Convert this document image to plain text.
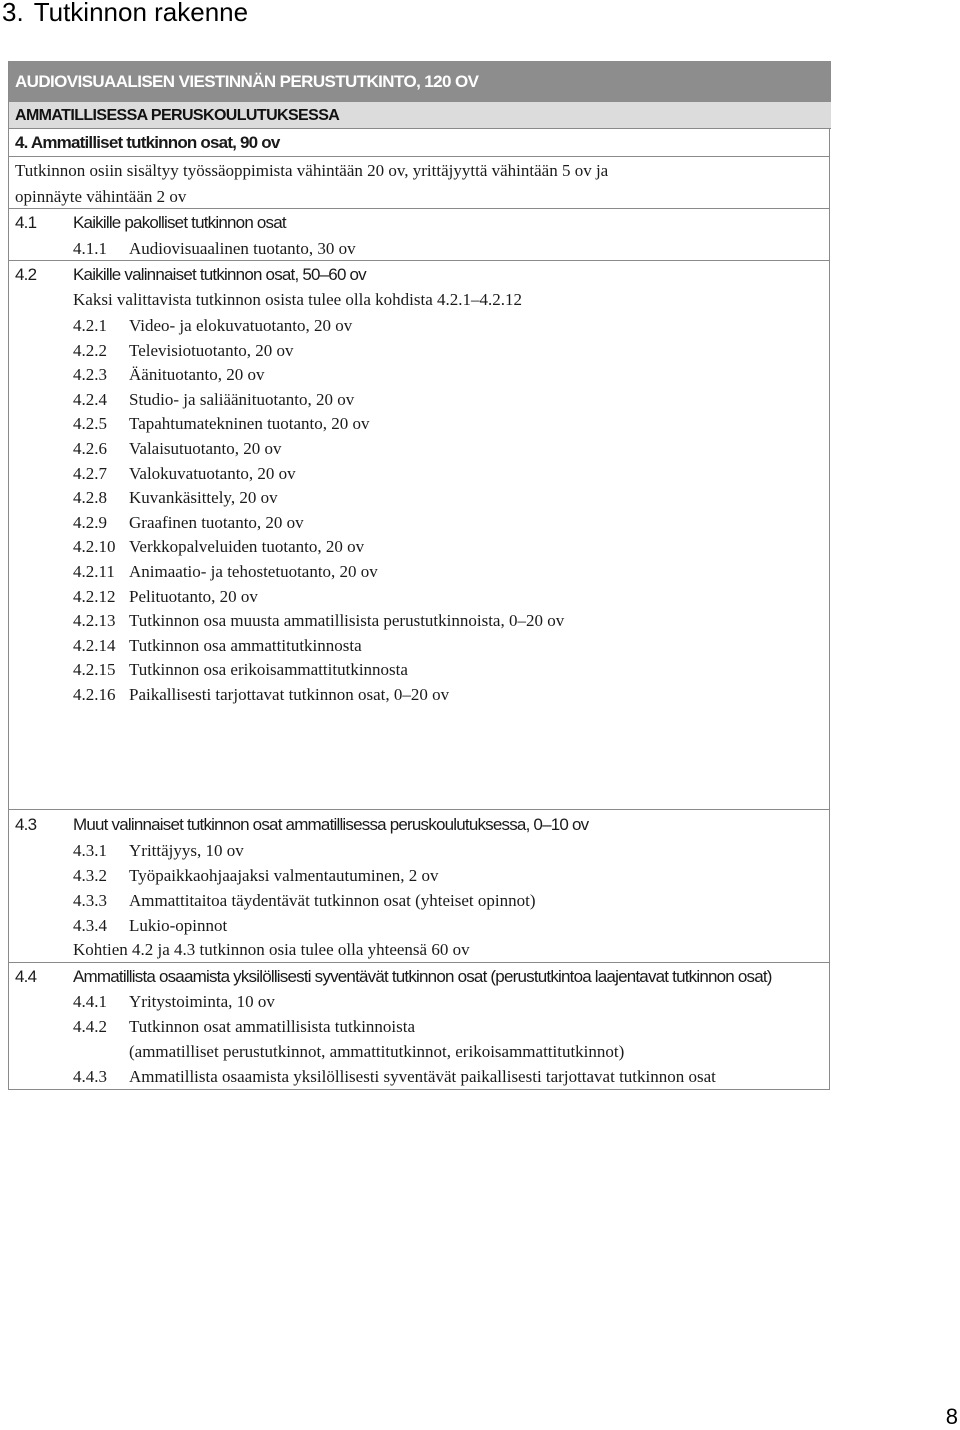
3. Tutkinnon rakenne
AUDIOVISUAALISEN VIESTINNÄN PERUSTUTKINTO, 120 OV
AMMATILLISESSA PERUSKOULUTUKSESSA
4. Ammatilliset tutkinnon osat, 90 ov
Tutkinnon osiin sisältyy työssäoppimista vähintään 20 ov, yrittäjyyttä vähintään 5 ov ja
opinnäyte vähintään 2 ov
4.1 Kaikille pakolliset tutkinnon osat
4.1.1 Audiovisuaalinen tuotanto, 30 ov
4.2 Kaikille valinnaiset tutkinnon osat, 50–60 ov
Kaksi valittavista tutkinnon osista tulee olla kohdista 4.2.1–4.2.12
4.2.1 Video- ja elokuvatuotanto, 20 ov
4.2.2 Televisiotuotanto, 20 ov
4.2.3 Äänituotanto, 20 ov
4.2.4 Studio- ja saliäänituotanto, 20 ov
4.2.5 Tapahtumatekninen tuotanto, 20 ov
4.2.6 Valaisutuotanto, 20 ov
4.2.7 Valokuvatuotanto, 20 ov
4.2.8 Kuvankäsittely, 20 ov
4.2.9 Graafinen tuotanto, 20 ov
4.2.10 Verkkopalveluiden tuotanto, 20 ov
4.2.11 Animaatio- ja tehostetuotanto, 20 ov
4.2.12 Pelituotanto, 20 ov
4.2.13 Tutkinnon osa muusta ammatillisista perustutkinnoista, 0–20 ov
4.2.14 Tutkinnon osa ammattitutkinnosta
4.2.15 Tutkinnon osa erikoisammattitutkinnosta
4.2.16 Paikallisesti tarjottavat tutkinnon osat, 0–20 ov
4.3 Muut valinnaiset tutkinnon osat ammatillisessa peruskoulutuksessa, 0–10 ov
4.3.1 Yrittäjyys, 10 ov
4.3.2 Työpaikkaohjaajaksi valmentautuminen, 2 ov
4.3.3 Ammattitaitoa täydentävät tutkinnon osat (yhteiset opinnot)
4.3.4 Lukio-opinnot
Kohtien 4.2 ja 4.3 tutkinnon osia tulee olla yhteensä 60 ov
4.4 Ammatillista osaamista yksilöllisesti syventävät tutkinnon osat (perustutkintoa laajentavat tutkinnon osat)
4.4.1 Yritystoiminta, 10 ov
4.4.2 Tutkinnon osat ammatillisista tutkinnoista
(ammatilliset perustutkinnot, ammattitutkinnot, erikoisammattitutkinnot)
4.4.3 Ammatillista osaamista yksilöllisesti syventävät paikallisesti tarjottavat tutkinnon osat
8
